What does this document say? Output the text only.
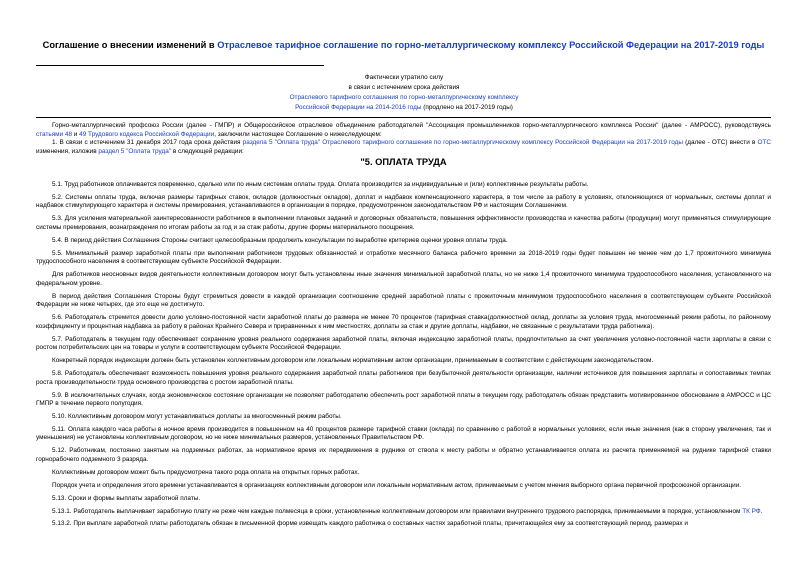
Соглашение о внесении изменений в Отраслевое тарифное соглашение по горно-металлургическому комплексу Российской Федерации на 2017-2019 годы
Фактически утратило силу
в связи с истечением срока действия
Отраслевого тарифного соглашения по горно-металлургическому комплексу
Российской Федерации на 2014-2016 годы (продлено на 2017-2019 годы)

Горно-металлургический профсоюз России (далее - ГМПР) и Общероссийское отраслевое объединение работодателей "Ассоциация промышленников горно-металлургического комплекса России" (далее - АМРОСС), руководствуясь статьями 48 и 49 Трудового кодекса Российской Федерации, заключили настоящее Соглашение о нижеследующем:

1. В связи с истечением 31 декабря 2017 года срока действия раздела 5 "Оплата труда" Отраслевого тарифного соглашения по горно-металлургическому комплексу Российской Федерации на 2017-2019 годы (далее - ОТС) внести в ОТС изменения, изложив раздел 5 "Оплата труда" в следующей редакции:

"5. ОПЛАТА ТРУДА

5.1. Труд работников оплачивается повременно, сдельно или по иным системам оплаты труда. Оплата производится за индивидуальные и (или) коллективные результаты работы.

5.2. Системы оплаты труда, включая размеры тарифных ставок, окладов (должностных окладов), доплат и надбавок компенсационного характера, в том числе за работу в условиях, отклоняющихся от нормальных, системы доплат и надбавок стимулирующего характера и системы премирования, устанавливаются в организации в порядке, предусмотренном законодательством РФ и настоящим Соглашением.

5.3. Для усиления материальной заинтересованности работников в выполнении плановых заданий и договорных обязательств, повышения эффективности производства и качества работы (продукции) могут применяться стимулирующие системы премирования, вознаграждения по итогам работы за год и за стаж работы, другие формы материального поощрения.

5.4. В период действия Соглашения Стороны считают целесообразным продолжить консультации по выработке критериев оценки уровня оплаты труда.

5.5. Минимальный размер заработной платы при выполнении работником трудовых обязанностей и отработке месячного баланса рабочего времени за 2018-2019 годы будет повышен не менее чем до 1,7 прожиточного минимума трудоспособного населения в соответствующем субъекте Российской Федерации.

Для работников неосновных видов деятельности коллективным договором могут быть установлены иные значения минимальной заработной платы, но не ниже 1,4 прожиточного минимума трудоспособного населения, установленного на федеральном уровне.

В период действия Соглашения Стороны будут стремиться довести в каждой организации соотношение средней заработной платы с прожиточным минимумом трудоспособного населения в соответствующем субъекте Российской Федерации не ниже четырех, где это еще не достигнуто.

5.6. Работодатель стремится довести долю условно-постоянной части заработной платы до размера не менее 70 процентов (тарифная ставка(должностной оклад, доплаты за условия труда, многосменный режим работы, по районному коэффициенту и процентная надбавка за работу в районах Крайнего Севера и приравненных к ним местностях, доплаты за стаж и другие доплаты, надбавки, не связанные с результатами труда работника).

5.7. Работодатель в текущем году обеспечивает сохранение уровня реального содержания заработной платы, включая индексацию заработной платы, предпочтительно за счет увеличения условно-постоянной части зарплаты в связи с ростом потребительских цен на товары и услуги в соответствующем субъекте Российской Федерации.

Конкретный порядок индексации должен быть установлен коллективным договором или локальным нормативным актом организации, принимаемым в соответствии с действующим законодательством.

5.8. Работодатель обеспечивает возможность повышения уровня реального содержания заработной платы работников при безубыточной деятельности организации, наличии источников для повышения зарплаты и сопоставимых темпах роста производительности труда основного производства с ростом заработной платы.

5.9. В исключительных случаях, когда экономическое состояние организации не позволяет работодателю обеспечить рост заработной платы в текущем году, работодатель обязан представить мотивированное обоснование в АМРОСС и ЦС ГМПР в течение первого полугодия.

5.10. Коллективным договором могут устанавливаться доплаты за многосменный режим работы.

5.11. Оплата каждого часа работы в ночное время производится в повышенном на 40 процентов размере тарифной ставки (оклада) по сравнению с работой в нормальных условиях, если иные значения (как в сторону увеличения, так и уменьшения) не установлены коллективным договором, но не ниже минимальных размеров, установленных Правительством РФ.

5.12. Работникам, постоянно занятым на подземных работах, за нормативное время их передвижения в руднике от ствола к месту работы и обратно устанавливается оплата из расчета применяемой на руднике тарифной ставки горнорабочего подземного 3 разряда.

Коллективным договором может быть предусмотрена такого рода оплата на открытых горных работах.

Порядок учета и определения этого времени устанавливается в организациях коллективным договором или локальным нормативным актом, принимаемым с учетом мнения выборного органа первичной профсоюзной организации.

5.13. Сроки и формы выплаты заработной платы.

5.13.1. Работодатель выплачивает заработную плату не реже чем каждые полмесяца в сроки, установленные коллективным договором или правилами внутреннего трудового распорядка, принимаемыми в порядке, установленном ТК РФ.

5.13.2. При выплате заработной платы работодатель обязан в письменной форме извещать каждого работника о составных частях заработной платы, причитающейся ему за соответствующий период, размерах и
